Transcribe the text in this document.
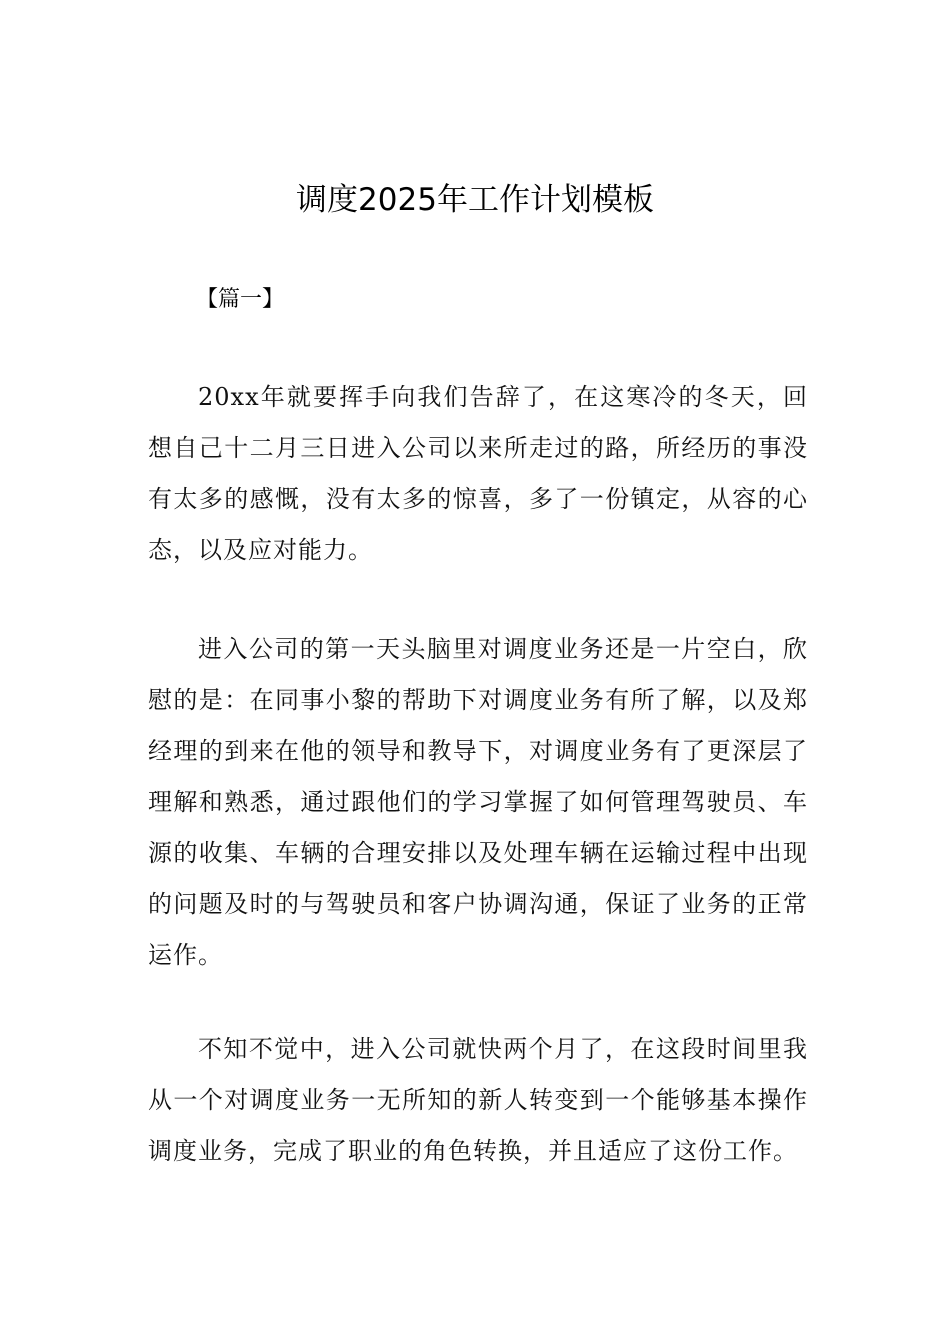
调度2025年工作计划模板
【篇一】

20xx年就要挥手向我们告辞了，在这寒冷的冬天，回想自己十二月三日进入公司以来所走过的路，所经历的事没有太多的感慨，没有太多的惊喜，多了一份镇定，从容的心态，以及应对能力。

进入公司的第一天头脑里对调度业务还是一片空白，欣慰的是：在同事小黎的帮助下对调度业务有所了解，以及郑经理的到来在他的领导和教导下，对调度业务有了更深层了理解和熟悉，通过跟他们的学习掌握了如何管理驾驶员、车源的收集、车辆的合理安排以及处理车辆在运输过程中出现的问题及时的与驾驶员和客户协调沟通，保证了业务的正常运作。

不知不觉中，进入公司就快两个月了，在这段时间里我从一个对调度业务一无所知的新人转变到一个能够基本操作调度业务，完成了职业的角色转换，并且适应了这份工作。
